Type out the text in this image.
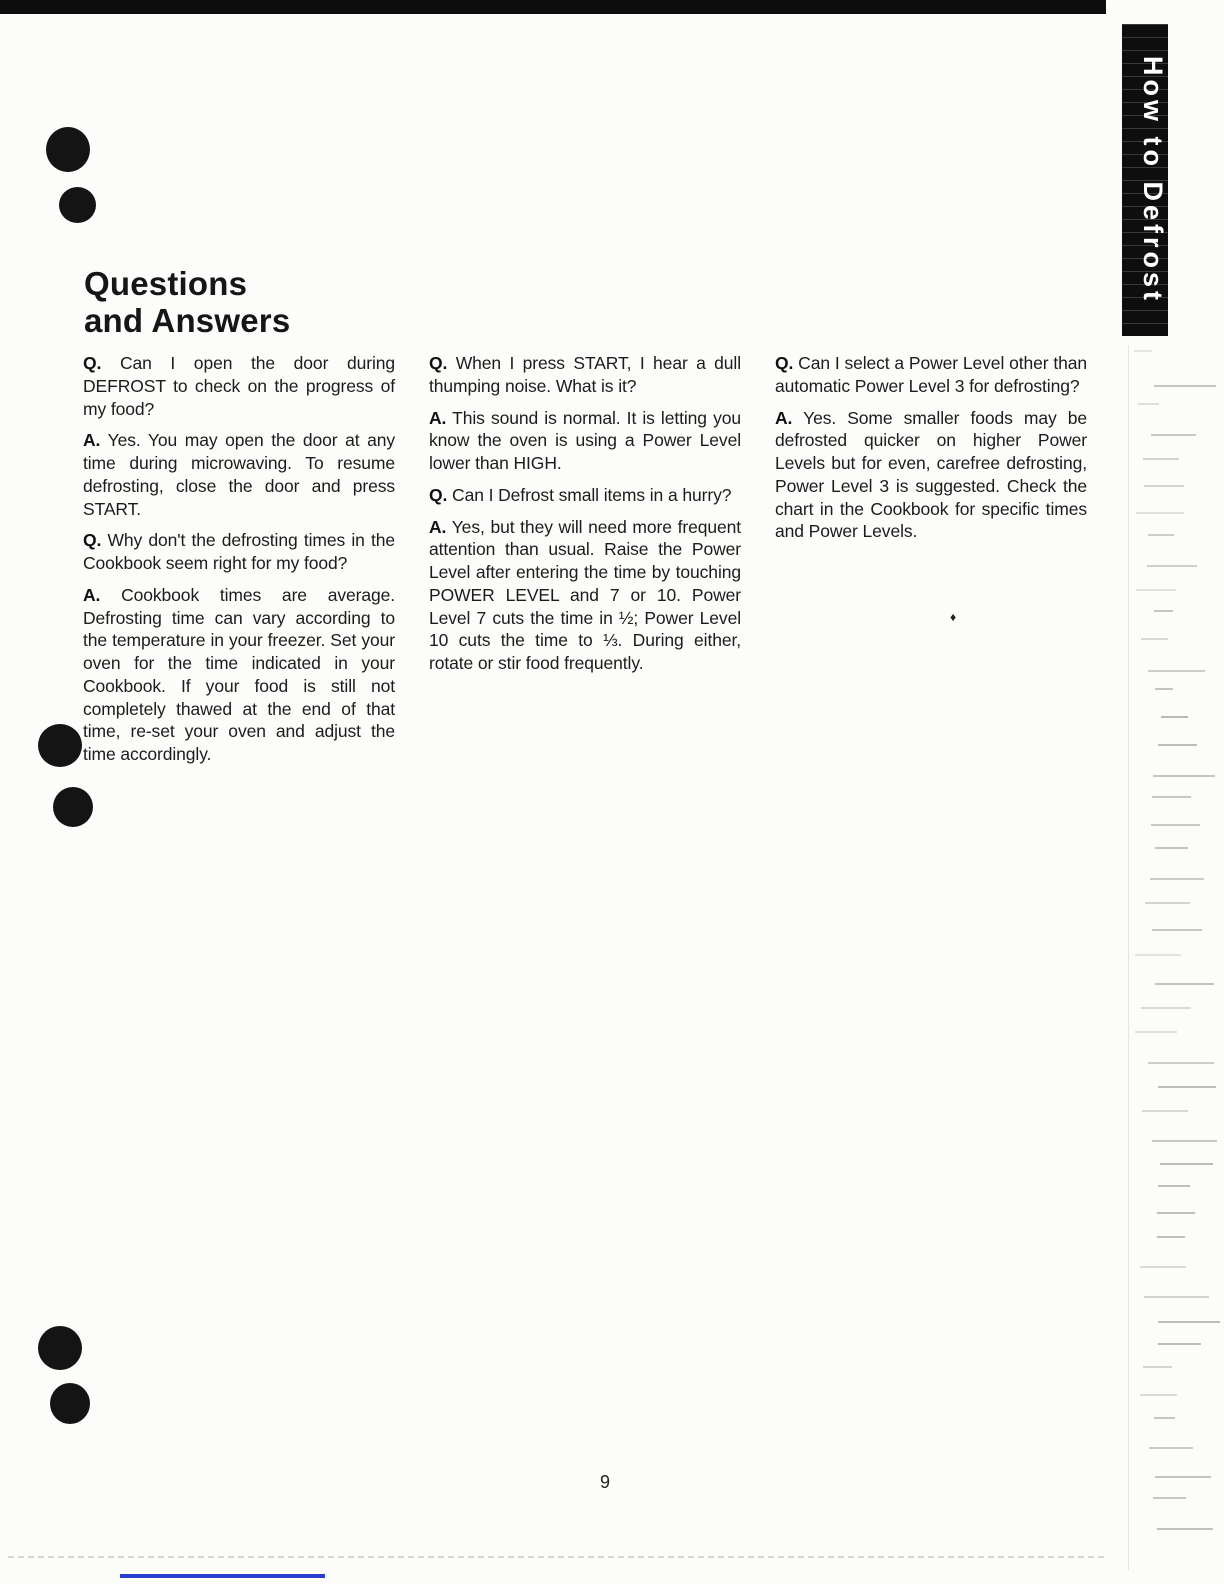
How to Defrost
Questions
and Answers

Q. Can I open the door during DEFROST to check on the progress of my food?

A. Yes. You may open the door at any time during microwaving. To resume defrosting, close the door and press START.

Q. Why don't the defrosting times in the Cookbook seem right for my food?

A. Cookbook times are average. Defrosting time can vary according to the temperature in your freezer. Set your oven for the time indicated in your Cookbook. If your food is still not completely thawed at the end of that time, re-set your oven and adjust the time accordingly.

Q. When I press START, I hear a dull thumping noise. What is it?

A. This sound is normal. It is letting you know the oven is using a Power Level lower than HIGH.

Q. Can I Defrost small items in a hurry?

A. Yes, but they will need more frequent attention than usual. Raise the Power Level after entering the time by touching POWER LEVEL and 7 or 10. Power Level 7 cuts the time in ½; Power Level 10 cuts the time to ⅓. During either, rotate or stir food frequently.

Q. Can I select a Power Level other than automatic Power Level 3 for defrosting?

A. Yes. Some smaller foods may be defrosted quicker on higher Power Levels but for even, carefree defrosting, Power Level 3 is suggested. Check the chart in the Cookbook for specific times and Power Levels.

♦
9
